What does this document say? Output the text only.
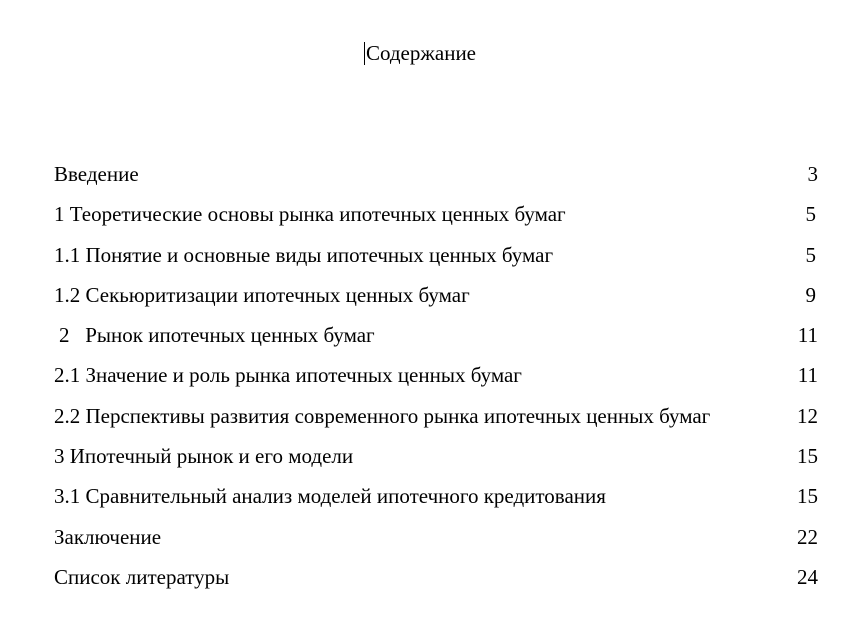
Содержание
Введение	3
1 Теоретические основы рынка ипотечных ценных бумаг	5
1.1 Понятие и основные виды ипотечных ценных бумаг	5
1.2 Секьюритизации ипотечных ценных бумаг	9
2   Рынок ипотечных ценных бумаг	11
2.1 Значение и роль рынка ипотечных ценных бумаг	11
2.2 Перспективы развития современного рынка ипотечных ценных бумаг	12
3 Ипотечный рынок и его модели	15
3.1 Сравнительный анализ моделей ипотечного кредитования	15
Заключение	22
Список литературы	24
